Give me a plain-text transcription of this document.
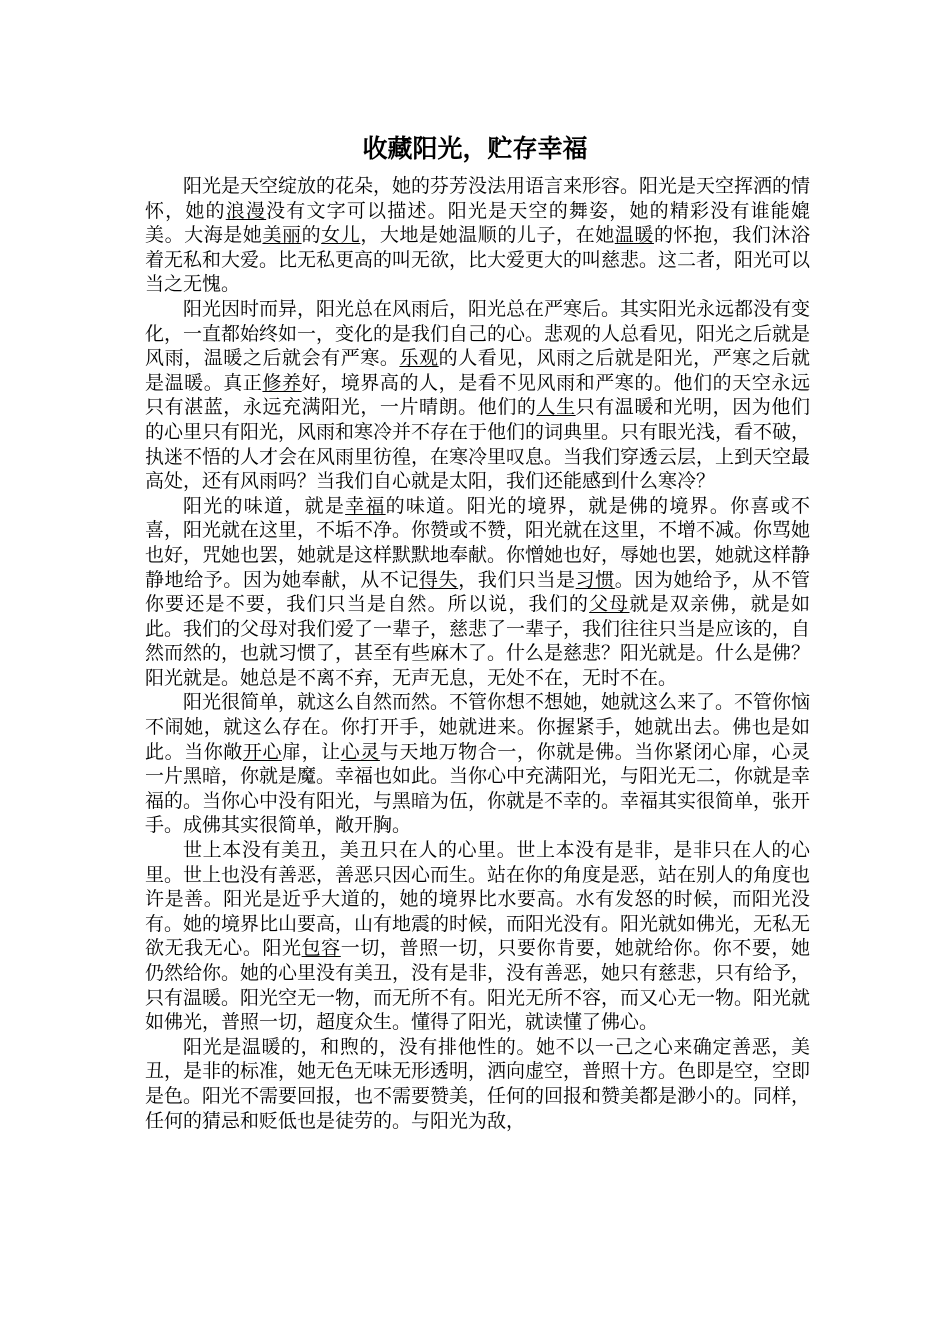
收藏阳光，贮存幸福

阳光是天空绽放的花朵，她的芬芳没法用语言来形容。阳光是天空挥洒的情怀，她的浪漫没有文字可以描述。阳光是天空的舞姿，她的精彩没有谁能媲美。大海是她美丽的女儿，大地是她温顺的儿子，在她温暖的怀抱，我们沐浴着无私和大爱。比无私更高的叫无欲，比大爱更大的叫慈悲。这二者，阳光可以当之无愧。

阳光因时而异，阳光总在风雨后，阳光总在严寒后。其实阳光永远都没有变化，一直都始终如一，变化的是我们自己的心。悲观的人总看见，阳光之后就是风雨，温暖之后就会有严寒。乐观的人看见，风雨之后就是阳光，严寒之后就是温暖。真正修养好，境界高的人，是看不见风雨和严寒的。他们的天空永远只有湛蓝，永远充满阳光，一片晴朗。他们的人生只有温暖和光明，因为他们的心里只有阳光，风雨和寒冷并不存在于他们的词典里。只有眼光浅，看不破，执迷不悟的人才会在风雨里彷徨，在寒冷里叹息。当我们穿透云层，上到天空最高处，还有风雨吗？当我们自心就是太阳，我们还能感到什么寒冷？

阳光的味道，就是幸福的味道。阳光的境界，就是佛的境界。你喜或不喜，阳光就在这里，不垢不净。你赞或不赞，阳光就在这里，不增不减。你骂她也好，咒她也罢，她就是这样默默地奉献。你憎她也好，辱她也罢，她就这样静静地给予。因为她奉献，从不记得失，我们只当是习惯。因为她给予，从不管你要还是不要，我们只当是自然。所以说，我们的父母就是双亲佛，就是如此。我们的父母对我们爱了一辈子，慈悲了一辈子，我们往往只当是应该的，自然而然的，也就习惯了，甚至有些麻木了。什么是慈悲？阳光就是。什么是佛？阳光就是。她总是不离不弃，无声无息，无处不在，无时不在。

阳光很简单，就这么自然而然。不管你想不想她，她就这么来了。不管你恼不闹她，就这么存在。你打开手，她就进来。你握紧手，她就出去。佛也是如此。当你敞开心扉，让心灵与天地万物合一，你就是佛。当你紧闭心扉，心灵一片黑暗，你就是魔。幸福也如此。当你心中充满阳光，与阳光无二，你就是幸福的。当你心中没有阳光，与黑暗为伍，你就是不幸的。幸福其实很简单，张开手。成佛其实很简单，敞开胸。

世上本没有美丑，美丑只在人的心里。世上本没有是非，是非只在人的心里。世上也没有善恶，善恶只因心而生。站在你的角度是恶，站在别人的角度也许是善。阳光是近乎大道的，她的境界比水要高。水有发怒的时候，而阳光没有。她的境界比山要高，山有地震的时候，而阳光没有。阳光就如佛光，无私无欲无我无心。阳光包容一切，普照一切，只要你肯要，她就给你。你不要，她仍然给你。她的心里没有美丑，没有是非，没有善恶，她只有慈悲，只有给予，只有温暖。阳光空无一物，而无所不有。阳光无所不容，而又心无一物。阳光就如佛光，普照一切，超度众生。懂得了阳光，就读懂了佛心。

阳光是温暖的，和煦的，没有排他性的。她不以一己之心来确定善恶，美丑，是非的标准，她无色无味无形透明，洒向虚空，普照十方。色即是空，空即是色。阳光不需要回报，也不需要赞美，任何的回报和赞美都是渺小的。同样，任何的猜忌和贬低也是徒劳的。与阳光为敌，
